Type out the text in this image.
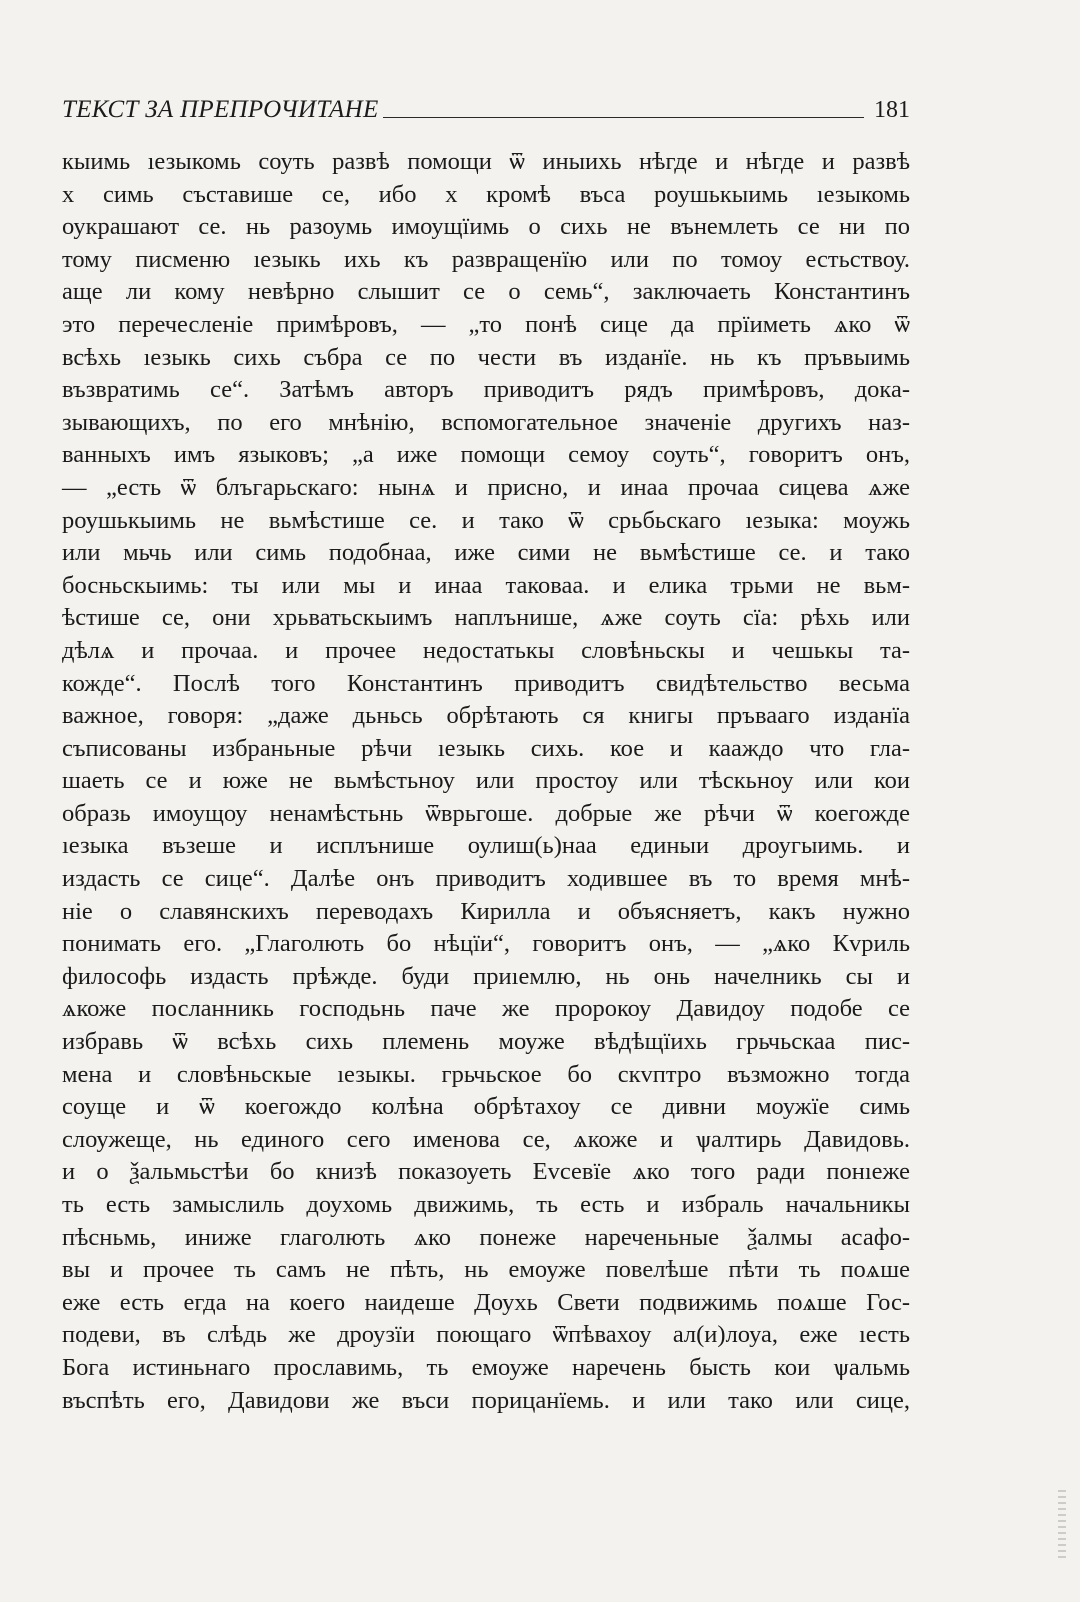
ТЕКСТ ЗА ПРЕПРОЧИТАНЕ	181
кыимь ıезыкомь соуть развѣ помощи ѿ иныихь нѣгде и нѣгде и развѣ
х симь съставише се, ибо х кромѣ въса роушькыимь ıезыкомь
оукрашают се. нь разоумь имоущїимь о сихь не вънемлеть се ни по
тому писменю ıезыкь ихь къ развращенїю или по томоу естьствоу.
аще ли кому невѣрно слышит се о семь“, заключаеть Константинъ
это перечесленiе примѣровъ, — „то понѣ сице да прїиметь ѧко ѿ
всѣхь ıезыкь сихь събра се по чести въ изданїе. нь къ пръвыимь
възвратимь се“. Затѣмъ авторъ приводитъ рядъ примѣровъ, дока-
зывающихъ, по его мнѣнiю, вспомогательное значенiе другихъ наз-
ванныхъ имъ языковъ; „а иже помощи семоу соуть“, говоритъ онъ,
— „есть ѿ блъгарьскаго: нынѧ и присно, и инаа прочаа сицева ѧже
роушькыимь не вьмѣстише се. и тако ѿ срьбьскаго ıезыка: моужь
или мьчь или симь подобнаа, иже сими не вьмѣстише се. и тако
босньскыимь: ты или мы и инаа таковаа. и елика трьми не вьм-
ѣстише се, они хрьватьскыимъ наплънише, ѧже соуть сїа: рѣхь или
дѣлѧ и прочаа. и прочее недостатькы словѣньскы и чешькы та-
кожде“. Послѣ того Константинъ приводитъ свидѣтельство весьма
важное, говоря: „даже дьньсь обрѣтають ся книгы пръвааго изданїа
съписованы избраньные рѣчи ıезыкь сихь. кое и кааждо что гла-
шаеть се и юже не вьмѣстьноу или простоу или тѣскьноу или кои
образь имоущоу ненамѣстьнь ѿврьгоше. добрые же рѣчи ѿ коегожде
ıезыка възеше и исплънише оулиш(ь)наа единыи дроугыимь. и
издасть се сице“. Далѣе онъ приводитъ ходившее въ то время мнѣ-
нiе о славянскихъ переводахъ Кирилла и объясняетъ, какъ нужно
понимать его. „Глаголють бо нѣцїи“, говоритъ онъ, — „ѧко Кvриль
философь издасть прѣжде. буди приıемлю, нь онь начелникь сы и
ѧкоже посланникь господьнь паче же пророкоу Давидоу подобе се
избравь ѿ всѣхь сихь племень моуже вѣдѣщїихь грьчьскаа пис-
мена и словѣньскые ıезыкы. грьчьское бо скvптро възможно тогда
соуще и ѿ коегождо колѣна обрѣтахоу се дивни моужїе симь
слоужеще, нь единого сего именова се, ѧкоже и ѱалтирь Давидовь.
и о ѯальмьстѣи бо книзѣ показоуеть Еvсевїе ѧко того ради понıеже
ть есть замыслиль доухомь движимь, ть есть и избраль начальникы
пѣсньмь, иниже глаголють ѧко понеже нареченьные ѯалмы асафо-
вы и прочее ть самъ не пѣть, нь емоуже повелѣше пѣти ть поѧше
еже есть егда на коего наидеше Доухь Свети подвижимь поѧше Гос-
подеви, въ слѣдь же дроузїи поющаго ѿпѣвахоу ал(и)лоуа, еже ıесть
Бога истиньнаго прославимь, ть емоуже наречень бысть кои ѱальмь
въспѣть его, Давидови же въси порицанїемь. и или тако или сице,
